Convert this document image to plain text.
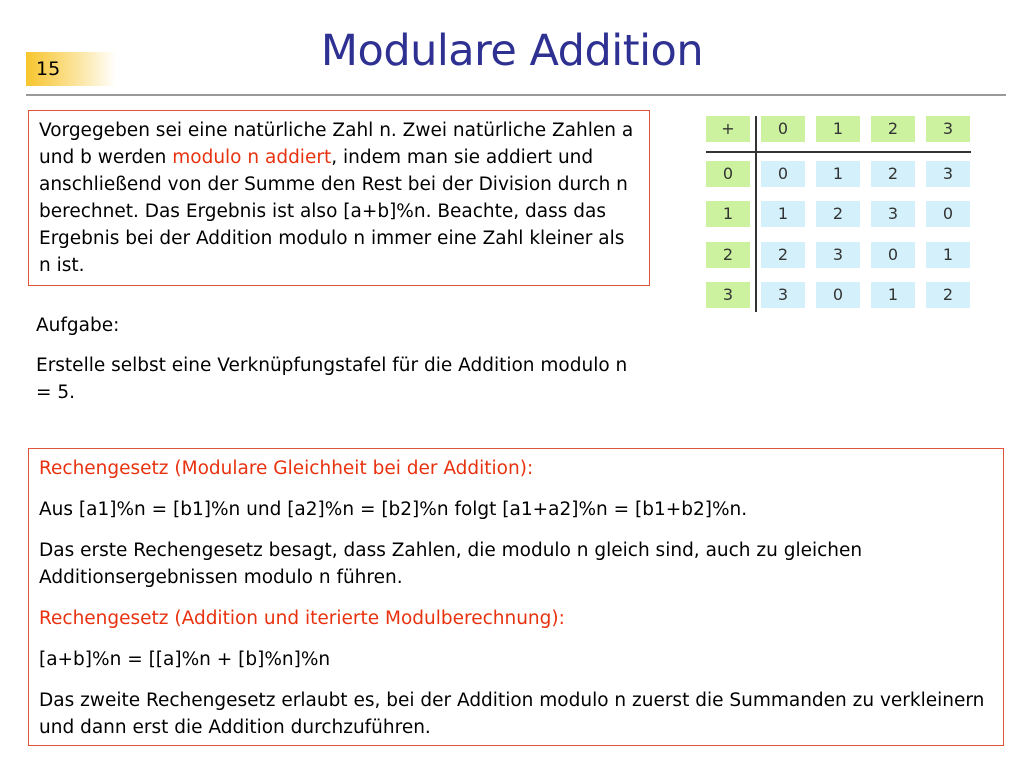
15	Modulare Addition
Vorgegeben sei eine natürliche Zahl n. Zwei natürliche Zahlen a und b werden modulo n addiert, indem man sie addiert und anschließend von der Summe den Rest bei der Division durch n berechnet. Das Ergebnis ist also [a+b]%n. Beachte, dass das Ergebnis bei der Addition modulo n immer eine Zahl kleiner als n ist.
+	0	1	2	3
0	0	1	2	3
1	1	2	3	0
2	2	3	0	1
3	3	0	1	2

Aufgabe:

Erstelle selbst eine Verknüpfungstafel für die Addition modulo n = 5.

Rechengesetz (Modulare Gleichheit bei der Addition):

Aus [a1]%n = [b1]%n und [a2]%n = [b2]%n folgt [a1+a2]%n = [b1+b2]%n.

Das erste Rechengesetz besagt, dass Zahlen, die modulo n gleich sind, auch zu gleichen Additionsergebnissen modulo n führen.

Rechengesetz (Addition und iterierte Modulberechnung):

[a+b]%n = [[a]%n + [b]%n]%n

Das zweite Rechengesetz erlaubt es, bei der Addition modulo n zuerst die Summanden zu verkleinern und dann erst die Addition durchzuführen.
